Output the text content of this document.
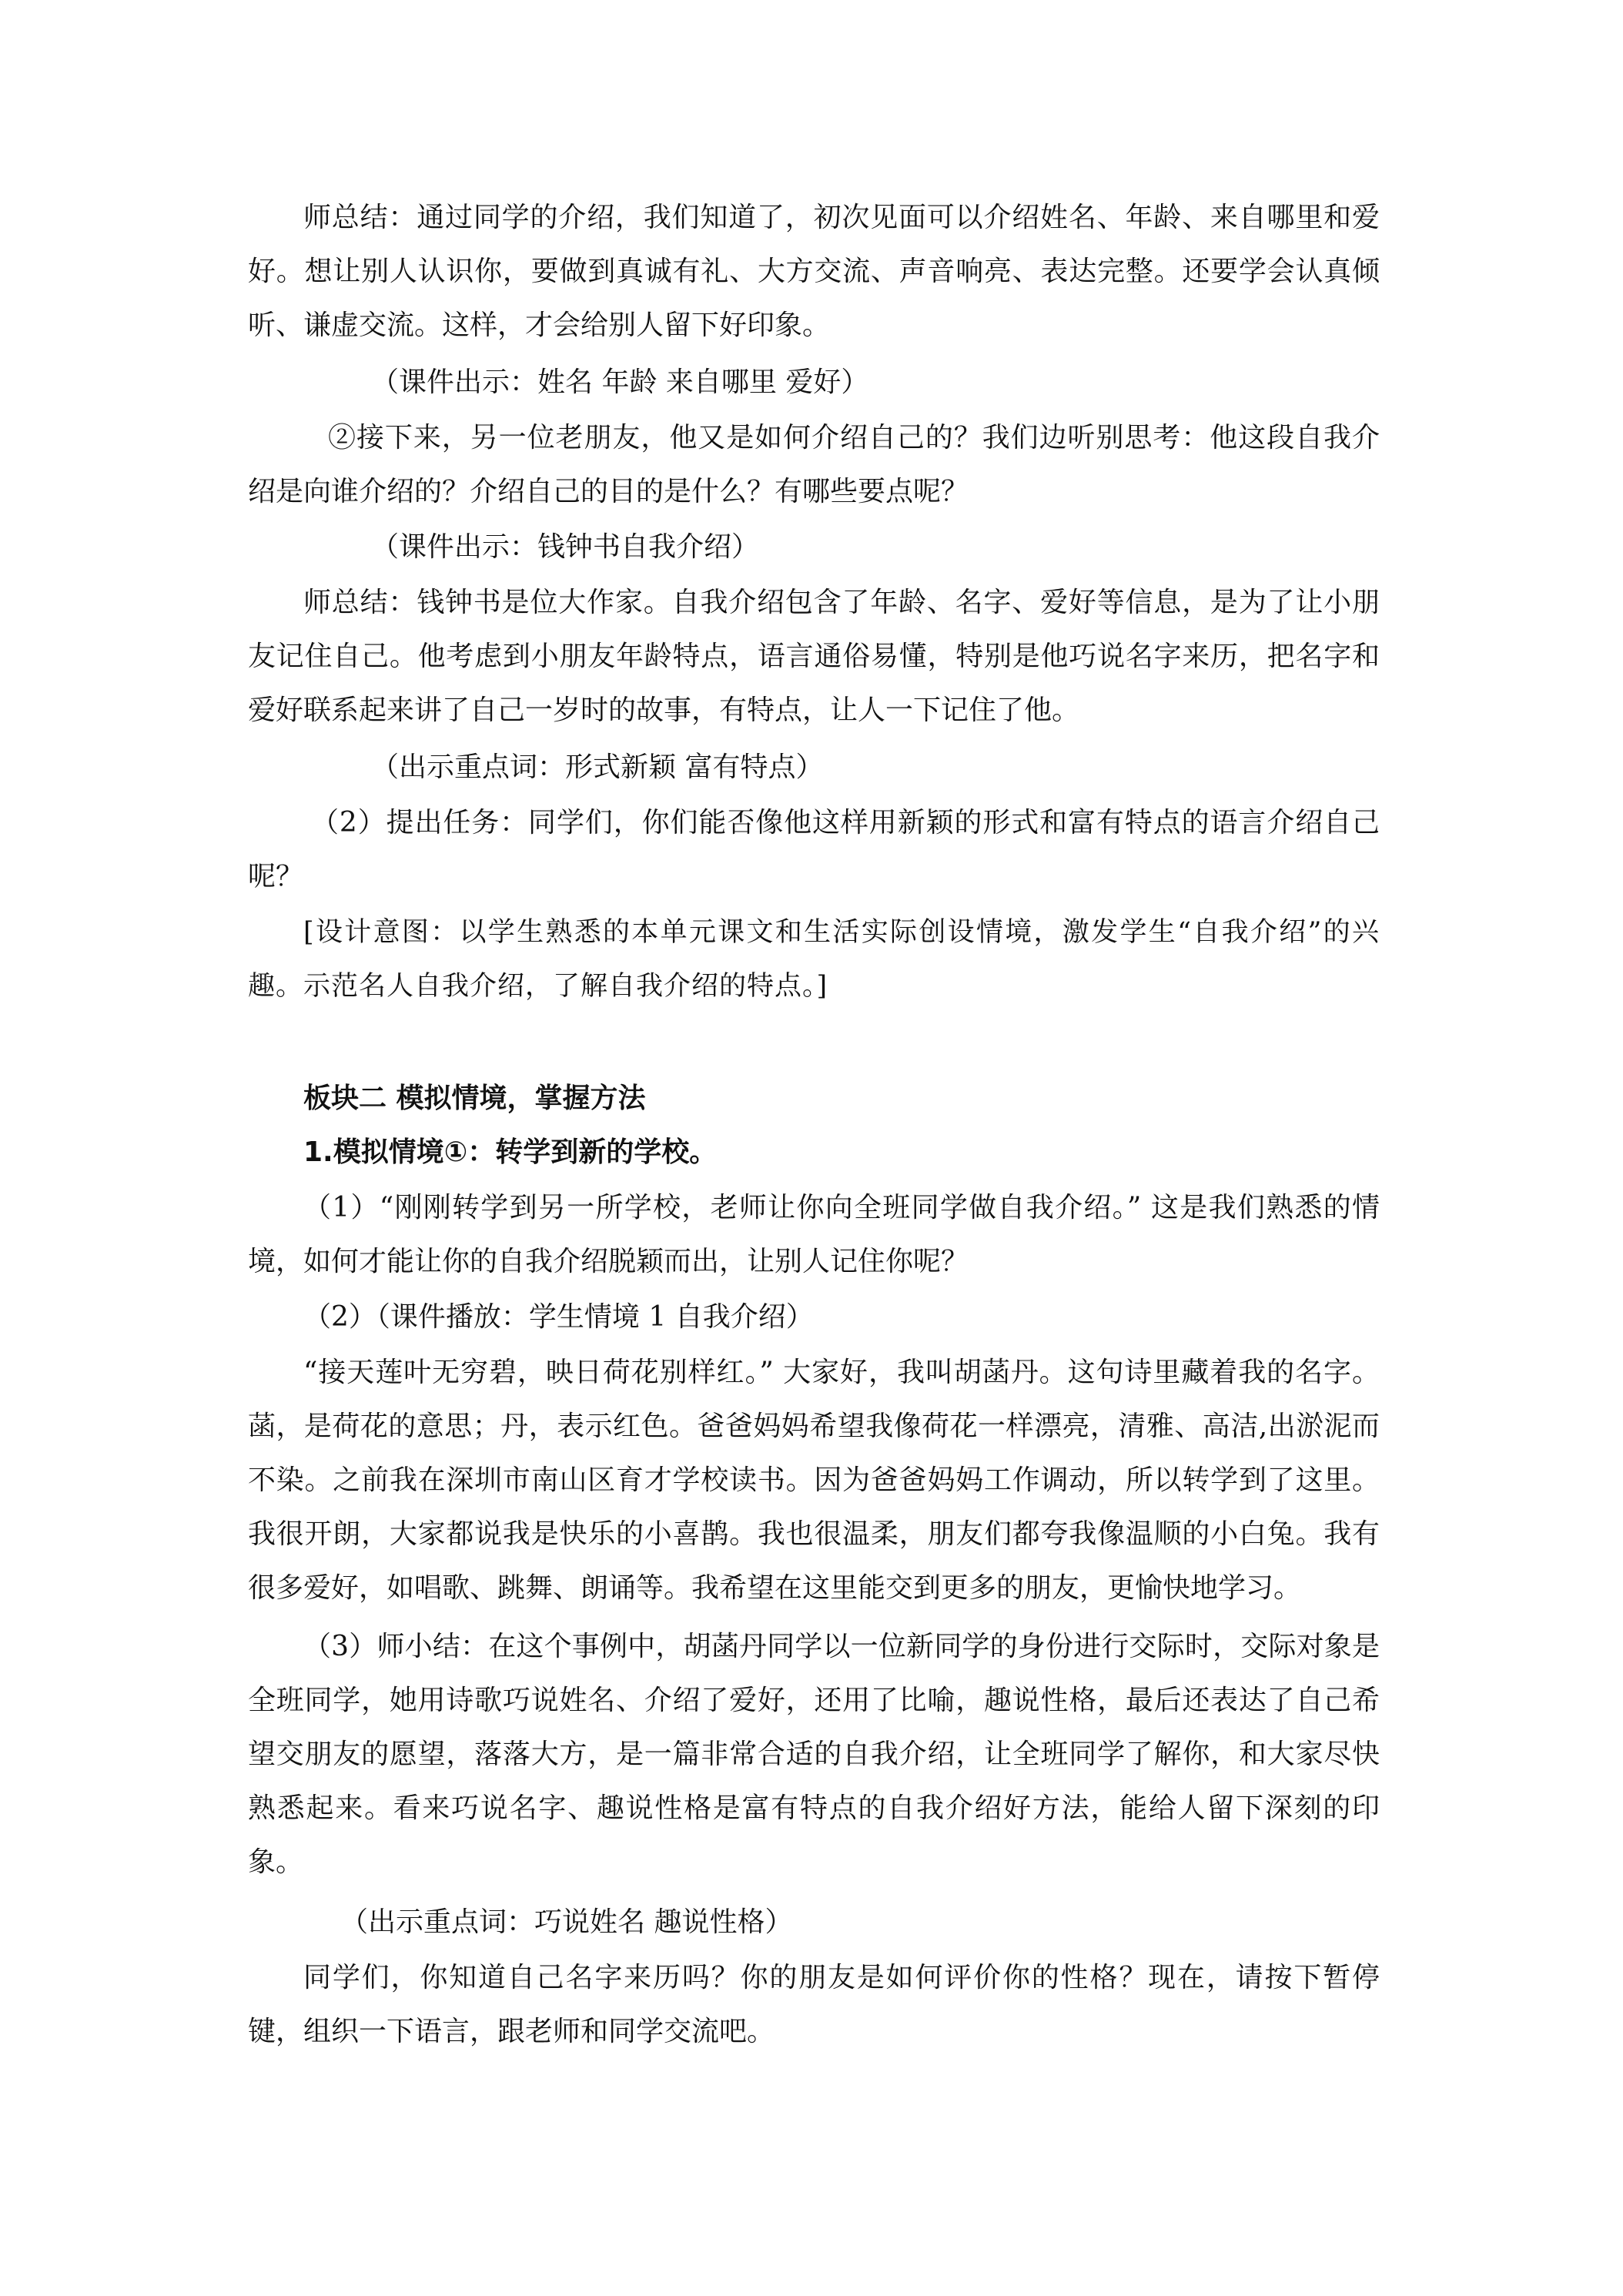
师总结：通过同学的介绍，我们知道了，初次见面可以介绍姓名、年龄、来自哪里和爱好。想让别人认识你，要做到真诚有礼、大方交流、声音响亮、表达完整。还要学会认真倾听、谦虚交流。这样，才会给别人留下好印象。

（课件出示：姓名 年龄 来自哪里 爱好）

②接下来，另一位老朋友，他又是如何介绍自己的？我们边听别思考：他这段自我介绍是向谁介绍的？介绍自己的目的是什么？有哪些要点呢？

（课件出示：钱钟书自我介绍）

师总结：钱钟书是位大作家。自我介绍包含了年龄、名字、爱好等信息，是为了让小朋友记住自己。他考虑到小朋友年龄特点，语言通俗易懂，特别是他巧说名字来历，把名字和爱好联系起来讲了自己一岁时的故事，有特点，让人一下记住了他。

（出示重点词：形式新颖 富有特点）

（2）提出任务：同学们，你们能否像他这样用新颖的形式和富有特点的语言介绍自己呢？

[设计意图：以学生熟悉的本单元课文和生活实际创设情境，激发学生“自我介绍”的兴趣。示范名人自我介绍，了解自我介绍的特点。]

板块二 模拟情境，掌握方法

1.模拟情境①：转学到新的学校。

（1）“刚刚转学到另一所学校，老师让你向全班同学做自我介绍。” 这是我们熟悉的情境，如何才能让你的自我介绍脱颖而出，让别人记住你呢？

（2）（课件播放：学生情境 1 自我介绍）

“接天莲叶无穷碧，映日荷花别样红。” 大家好，我叫胡菡丹。这句诗里藏着我的名字。菡，是荷花的意思；丹，表示红色。爸爸妈妈希望我像荷花一样漂亮，清雅、高洁,出淤泥而不染。之前我在深圳市南山区育才学校读书。因为爸爸妈妈工作调动，所以转学到了这里。我很开朗，大家都说我是快乐的小喜鹊。我也很温柔，朋友们都夸我像温顺的小白兔。我有很多爱好，如唱歌、跳舞、朗诵等。我希望在这里能交到更多的朋友，更愉快地学习。

（3）师小结：在这个事例中，胡菡丹同学以一位新同学的身份进行交际时，交际对象是全班同学，她用诗歌巧说姓名、介绍了爱好，还用了比喻，趣说性格，最后还表达了自己希望交朋友的愿望，落落大方，是一篇非常合适的自我介绍，让全班同学了解你，和大家尽快熟悉起来。看来巧说名字、趣说性格是富有特点的自我介绍好方法，能给人留下深刻的印象。

（出示重点词：巧说姓名 趣说性格）

同学们，你知道自己名字来历吗？你的朋友是如何评价你的性格？现在，请按下暂停键，组织一下语言，跟老师和同学交流吧。
